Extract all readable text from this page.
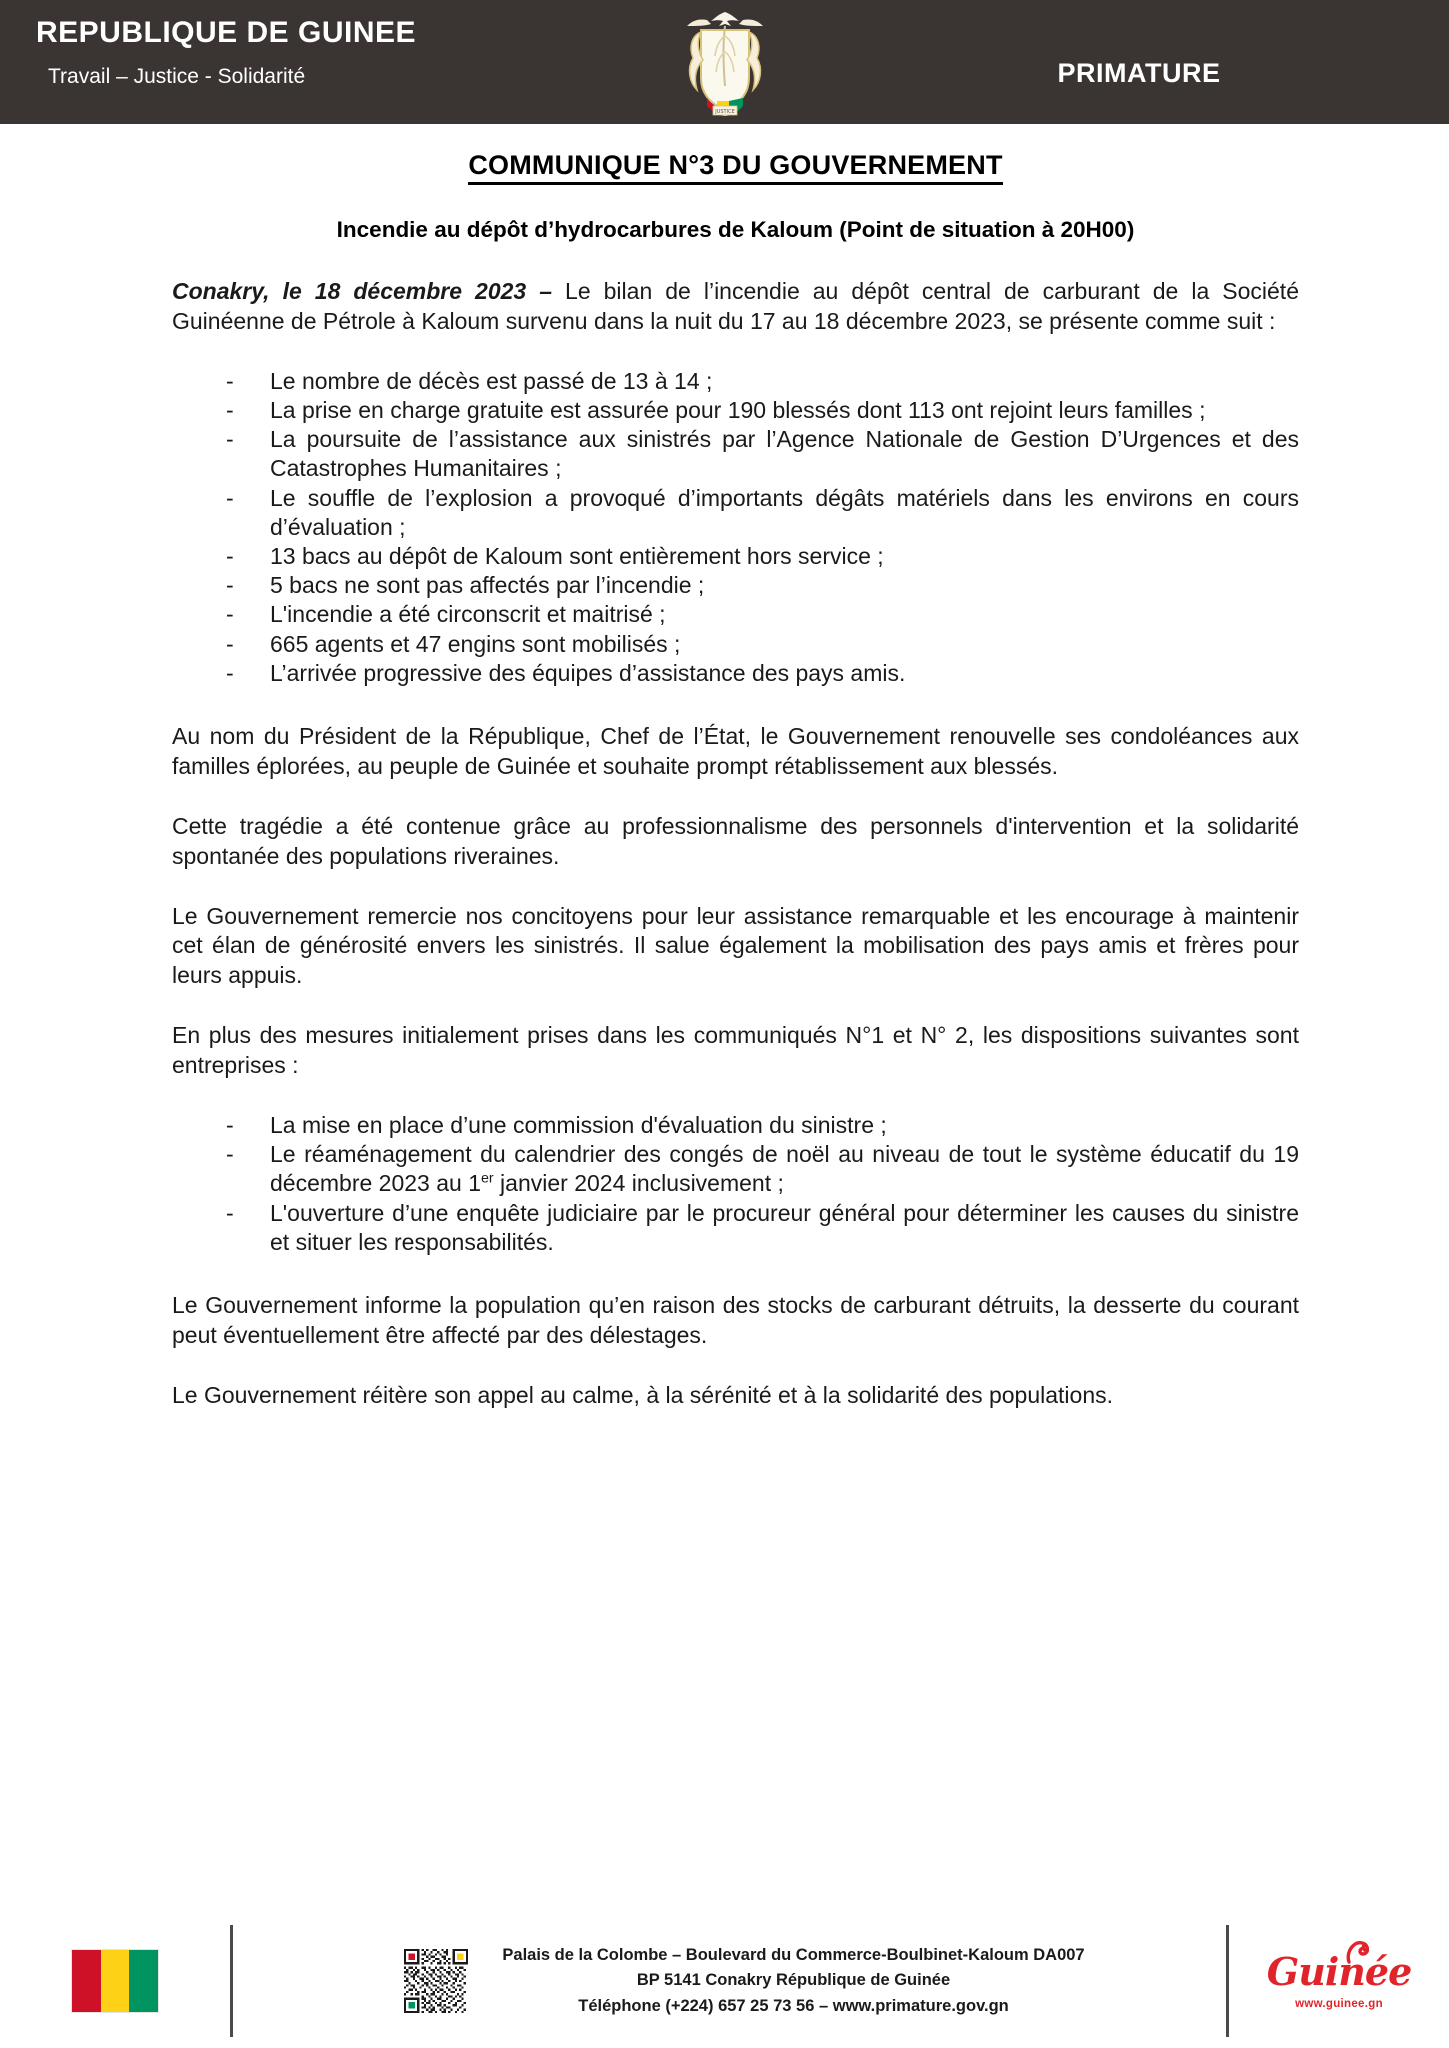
REPUBLIQUE DE GUINEE
Travail – Justice - Solidarité
JUSTICE
PRIMATURE
COMMUNIQUE N°3 DU GOUVERNEMENT
Incendie au dépôt d’hydrocarbures de Kaloum (Point de situation à 20H00)

Conakry, le 18 décembre 2023 – Le bilan de l’incendie au dépôt central de carburant de la Société Guinéenne de Pétrole à Kaloum survenu dans la nuit du 17 au 18 décembre 2023, se présente comme suit :

- Le nombre de décès est passé de 13 à 14 ;
- La prise en charge gratuite est assurée pour 190 blessés dont 113 ont rejoint leurs familles ;
- La poursuite de l’assistance aux sinistrés par l’Agence Nationale de Gestion D’Urgences et des Catastrophes Humanitaires ;
- Le souffle de l’explosion a provoqué d’importants dégâts matériels dans les environs en cours d’évaluation ;
- 13 bacs au dépôt de Kaloum sont entièrement hors service ;
- 5 bacs ne sont pas affectés par l’incendie ;
- L'incendie a été circonscrit et maitrisé ;
- 665 agents et 47 engins sont mobilisés ;
- L’arrivée progressive des équipes d’assistance des pays amis.

Au nom du Président de la République, Chef de l’État, le Gouvernement renouvelle ses condoléances aux familles éplorées, au peuple de Guinée et souhaite prompt rétablissement aux blessés.

Cette tragédie a été contenue grâce au professionnalisme des personnels d'intervention et la solidarité spontanée des populations riveraines.

Le Gouvernement remercie nos concitoyens pour leur assistance remarquable et les encourage à maintenir cet élan de générosité envers les sinistrés. Il salue également la mobilisation des pays amis et frères pour leurs appuis.

En plus des mesures initialement prises dans les communiqués N°1 et N° 2, les dispositions suivantes sont entreprises :

- La mise en place d’une commission d'évaluation du sinistre ;
- Le réaménagement du calendrier des congés de noël au niveau de tout le système éducatif du 19 décembre 2023 au 1er janvier 2024 inclusivement ;
- L'ouverture d’une enquête judiciaire par le procureur général pour déterminer les causes du sinistre et situer les responsabilités.

Le Gouvernement informe la population qu’en raison des stocks de carburant détruits, la desserte du courant peut éventuellement être affecté par des délestages.

Le Gouvernement réitère son appel au calme, à la sérénité et à la solidarité des populations.

Palais de la Colombe – Boulevard du Commerce-Boulbinet-Kaloum DA007
BP 5141 Conakry République de Guinée
Téléphone (+224) 657 25 73 56 – www.primature.gov.gn
Guinée
www.guinee.gn
